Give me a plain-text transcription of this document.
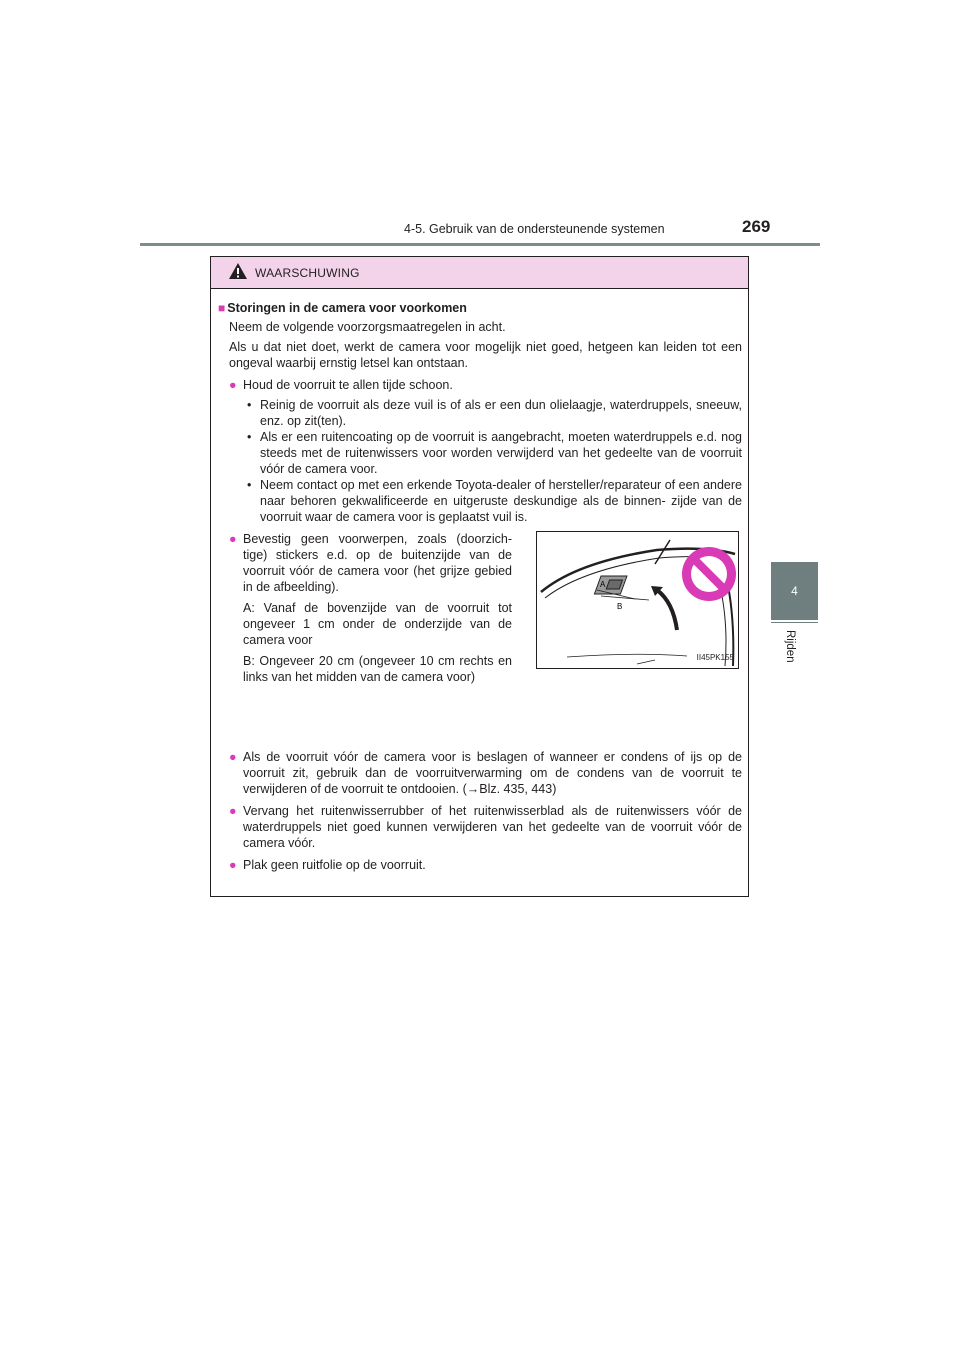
4-5. Gebruik van de ondersteunende systemen	269
4
Rijden
WAARSCHUWING

■ Storingen in de camera voor voorkomen

Neem de volgende voorzorgsmaatregelen in acht.

Als u dat niet doet, werkt de camera voor mogelijk niet goed, hetgeen kan leiden tot een ongeval waarbij ernstig letsel kan ontstaan.

● Houd de voorruit te allen tijde schoon.
• Reinig de voorruit als deze vuil is of als er een dun olielaagje, waterdruppels, sneeuw, enz. op zit(ten).
• Als er een ruitencoating op de voorruit is aangebracht, moeten waterdruppels e.d. nog steeds met de ruitenwissers voor worden verwijderd van het gedeelte van de voorruit vóór de camera voor.
• Neem contact op met een erkende Toyota-dealer of hersteller/reparateur of een andere naar behoren gekwalificeerde en uitgeruste deskundige als de binnen- zijde van de voorruit waar de camera voor is geplaatst vuil is.
● Bevestig geen voorwerpen, zoals (doorzich- tige) stickers e.d. op de buitenzijde van de voorruit vóór de camera voor (het grijze gebied in de afbeelding).

A: Vanaf de bovenzijde van de voorruit tot ongeveer 1 cm onder de onderzijde van de camera voor

B: Ongeveer 20 cm (ongeveer 10 cm rechts en links van het midden van de camera voor)

A
B
II45PK155
● Als de voorruit vóór de camera voor is beslagen of wanneer er condens of ijs op de voorruit zit, gebruik dan de voorruitverwarming om de condens van de voorruit te verwijderen of de voorruit te ontdooien. (→Blz. 435, 443)
● Vervang het ruitenwisserrubber of het ruitenwisserblad als de ruitenwissers vóór de waterdruppels niet goed kunnen verwijderen van het gedeelte van de voorruit vóór de camera vóór.
● Plak geen ruitfolie op de voorruit.
